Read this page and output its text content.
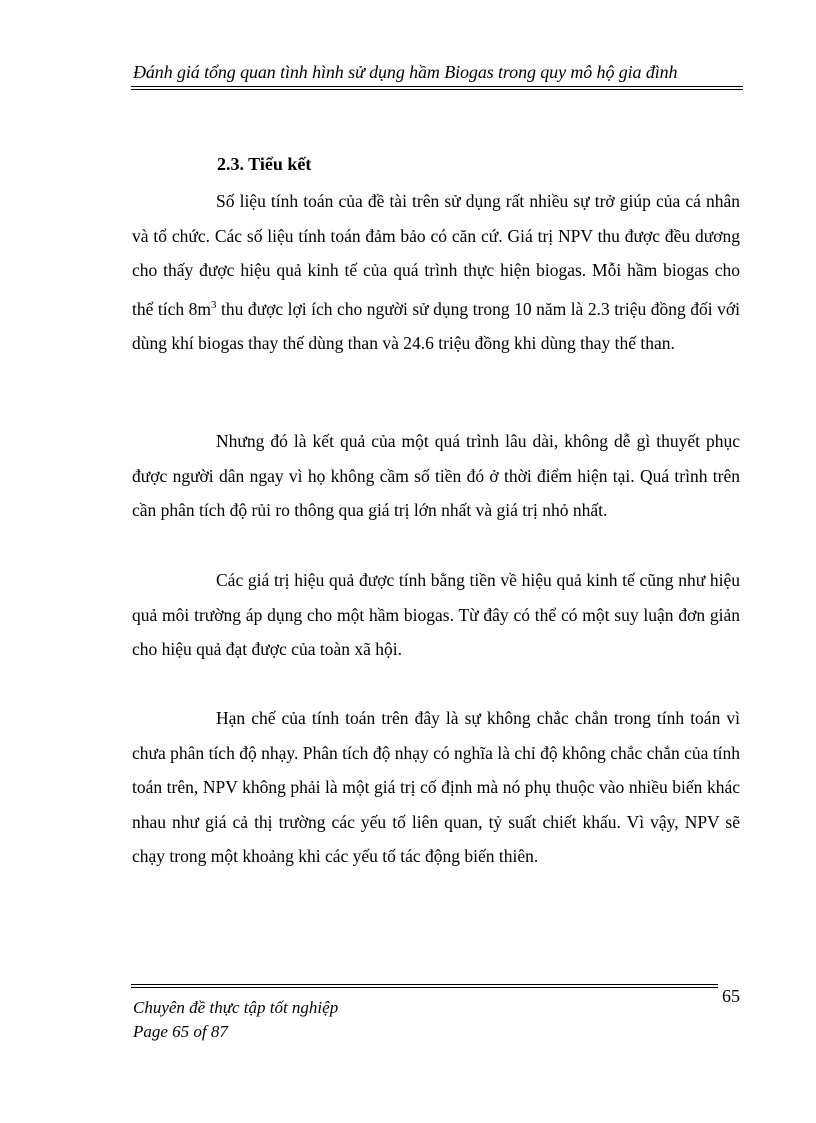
Đánh giá tổng quan tình hình sử dụng hầm Biogas trong quy mô hộ gia đình
2.3. Tiểu kết

Số liệu tính toán của đề tài trên sử dụng rất nhiều sự trở giúp của cá nhân và tổ chức. Các số liệu tính toán đảm bảo có căn cứ. Giá trị NPV thu được đều dương cho thấy được hiệu quả kinh tế của quá trình thực hiện biogas. Mỗi hầm biogas cho thể tích $8m^3$ thu được lợi ích cho người sử dụng trong 10 năm là 2.3 triệu đồng đối với dùng khí biogas thay thế dùng than và 24.6 triệu đồng khi dùng thay thế than.

Nhưng đó là kết quả của một quá trình lâu dài, không dễ gì thuyết phục được người dân ngay vì họ không cầm số tiền đó ở thời điểm hiện tại. Quá trình trên cần phân tích độ rủi ro thông qua giá trị lớn nhất và giá trị nhỏ nhất.

Các giá trị hiệu quả được tính bằng tiền về hiệu quả kinh tế cũng như hiệu quả môi trường áp dụng cho một hầm biogas. Từ đây có thể có một suy luận đơn giản cho hiệu quả đạt được của toàn xã hội.

Hạn chế của tính toán trên đây là sự không chắc chắn trong tính toán vì chưa phân tích độ nhạy. Phân tích độ nhạy có nghĩa là chỉ độ không chắc chắn của tính toán trên, NPV không phải là một giá trị cố định mà nó phụ thuộc vào nhiều biến khác nhau như giá cả thị trường các yếu tố liên quan, tỷ suất chiết khấu. Vì vậy, NPV sẽ chạy trong một khoảng khi các yếu tố tác động biến thiên.

65
Chuyên đề thực tập tốt nghiệp
Page 65 of 87
